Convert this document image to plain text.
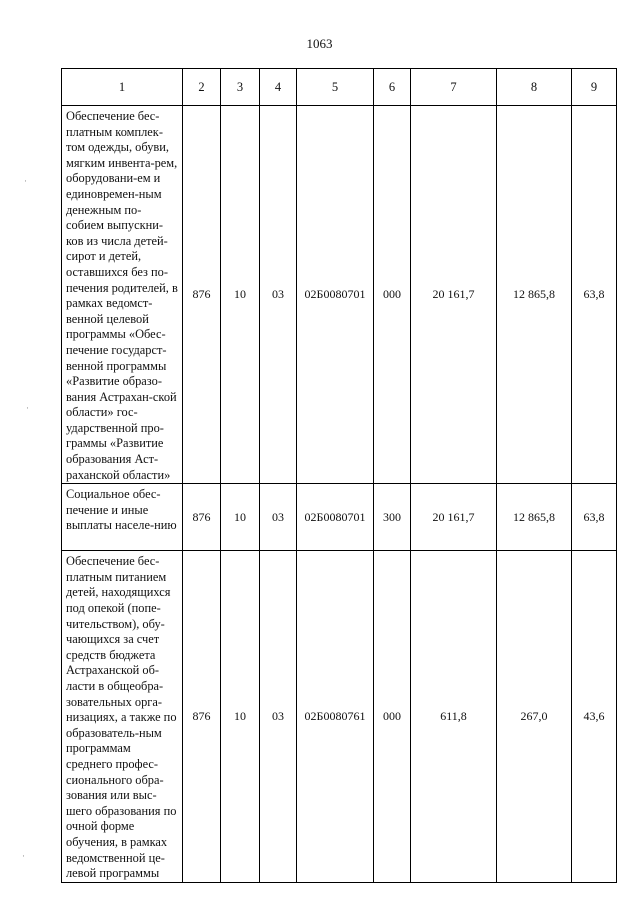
1063
1	2	3	4	5	6	7	8	9
Обеспечение бес-платным комплек-том одежды, обуви, мягким инвента-рем, оборудовани-ем и единовремен-ным денежным по-собием выпускни-ков из числа детей-сирот и детей, оставшихся без по-печения родителей, в рамках ведомст-венной целевой программы «Обес-печение государст-венной программы «Развитие образо-вания Астрахан-ской области» гос-ударственной про-граммы «Развитие образования Аст-раханской области»	876	10	03	02Б0080701	000	20 161,7	12 865,8	63,8
Социальное обес-печение и иные выплаты населе-нию	876	10	03	02Б0080701	300	20 161,7	12 865,8	63,8
Обеспечение бес-платным питанием детей, находящихся под опекой (попе-чительством), обу-чающихся за счет средств бюджета Астраханской об-ласти в общеобра-зовательных орга-низациях, а также по образователь-ным программам среднего профес-сионального обра-зования или выс-шего образования по очной форме обучения, в рамках ведомственной це-левой программы	876	10	03	02Б0080761	000	611,8	267,0	43,6
·
·
·
